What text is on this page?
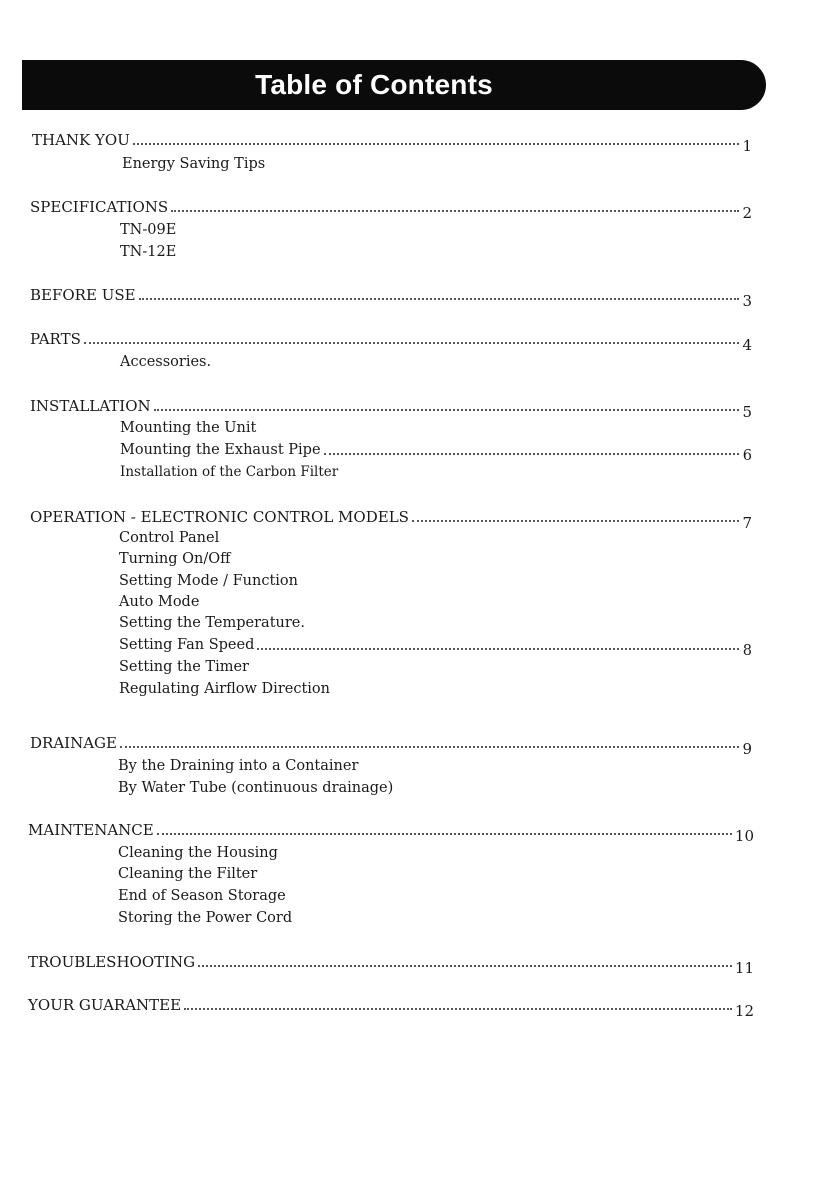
Table of Contents
THANK YOU	1
Energy Saving Tips
SPECIFICATIONS	2
TN-09E
TN-12E
BEFORE USE	3
PARTS	4
Accessories.
INSTALLATION	5
Mounting the Unit
Mounting the Exhaust Pipe	6
Installation of the Carbon Filter
OPERATION - ELECTRONIC CONTROL MODELS	7
Control Panel
Turning On/Off
Setting Mode / Function
Auto Mode
Setting the Temperature.
Setting Fan Speed	8
Setting the Timer
Regulating Airflow Direction
DRAINAGE	9
By the Draining into a Container
By Water Tube (continuous drainage)
MAINTENANCE	10
Cleaning the Housing
Cleaning the Filter
End of Season Storage
Storing the Power Cord
TROUBLESHOOTING	11
YOUR GUARANTEE	12
